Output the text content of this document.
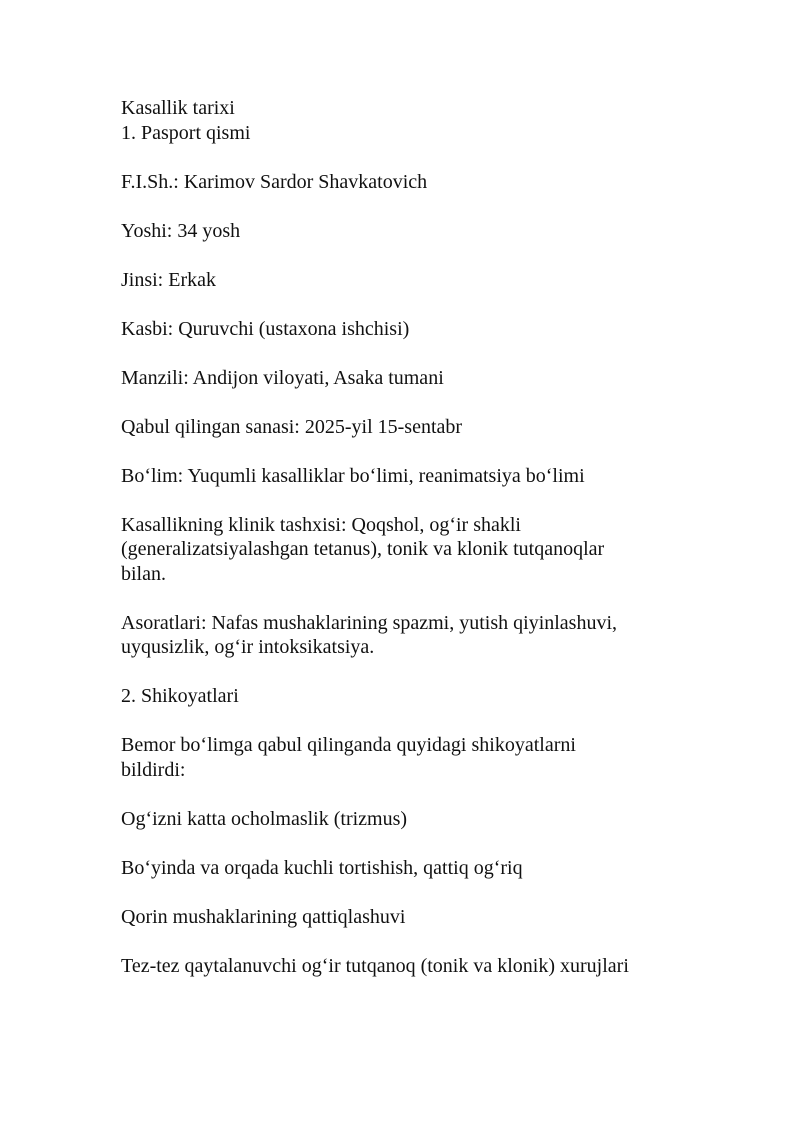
Kasallik tarixi
1. Pasport qismi
F.I.Sh.: Karimov Sardor Shavkatovich
Yoshi: 34 yosh
Jinsi: Erkak
Kasbi: Quruvchi (ustaxona ishchisi)
Manzili: Andijon viloyati, Asaka tumani
Qabul qilingan sanasi: 2025-yil 15-sentabr
Bo‘lim: Yuqumli kasalliklar bo‘limi, reanimatsiya bo‘limi
Kasallikning klinik tashxisi: Qoqshol, og‘ir shakli
(generalizatsiyalashgan tetanus), tonik va klonik tutqanoqlar
bilan.
Asoratlari: Nafas mushaklarining spazmi, yutish qiyinlashuvi,
uyqusizlik, og‘ir intoksikatsiya.
2. Shikoyatlari
Bemor bo‘limga qabul qilinganda quyidagi shikoyatlarni
bildirdi:
Og‘izni katta ocholmaslik (trizmus)
Bo‘yinda va orqada kuchli tortishish, qattiq og‘riq
Qorin mushaklarining qattiqlashuvi
Tez-tez qaytalanuvchi og‘ir tutqanoq (tonik va klonik) xurujlari
